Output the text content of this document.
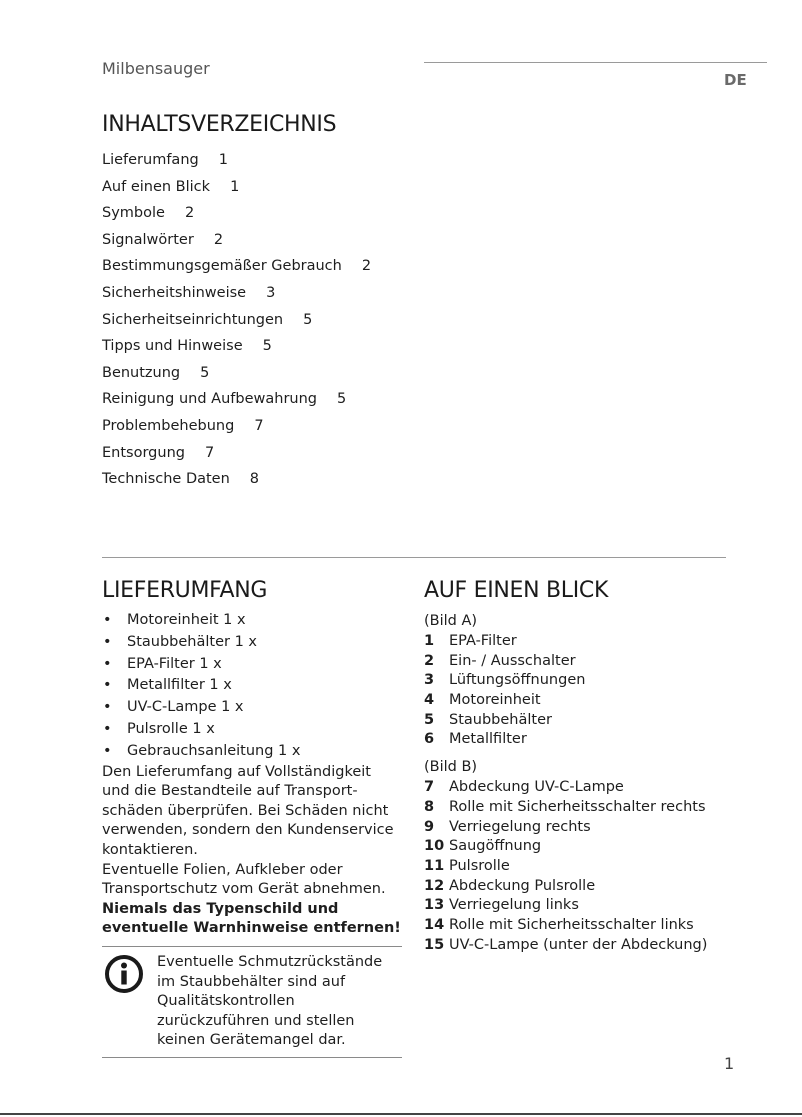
Milbensauger
DE
INHALTSVERZEICHNIS
Lieferumfang 1
Auf einen Blick 1
Symbole 2
Signalwörter 2
Bestimmungsgemäßer Gebrauch 2
Sicherheitshinweise 3
Sicherheitseinrichtungen 5
Tipps und Hinweise 5
Benutzung 5
Reinigung und Aufbewahrung 5
Problembehebung 7
Entsorgung 7
Technische Daten 8
LIEFERUMFANG
• Motoreinheit 1 x
• Staubbehälter 1 x
• EPA-Filter 1 x
• Metallfilter 1 x
• UV-C-Lampe 1 x
• Pulsrolle 1 x
• Gebrauchsanleitung 1 x

Den Lieferumfang auf Vollständigkeit und die Bestandteile auf Transportschäden überprüfen. Bei Schäden nicht verwenden, sondern den Kundenservice kontaktieren.

Eventuelle Folien, Aufkleber oder Transportschutz vom Gerät abnehmen.

Niemals das Typenschild und eventuelle Warnhinweise entfernen!

Eventuelle Schmutzrückstände im Staubbehälter sind auf Qualitätskontrollen zurückzuführen und stellen keinen Gerätemangel dar.

AUF EINEN BLICK
(Bild A)
1 EPA-Filter
2 Ein- / Ausschalter
3 Lüftungsöffnungen
4 Motoreinheit
5 Staubbehälter
6 Metallfilter
(Bild B)
7 Abdeckung UV-C-Lampe
8 Rolle mit Sicherheitsschalter rechts
9 Verriegelung rechts
10 Saugöffnung
11 Pulsrolle
12 Abdeckung Pulsrolle
13 Verriegelung links
14 Rolle mit Sicherheitsschalter links
15 UV-C-Lampe (unter der Abdeckung)
1
